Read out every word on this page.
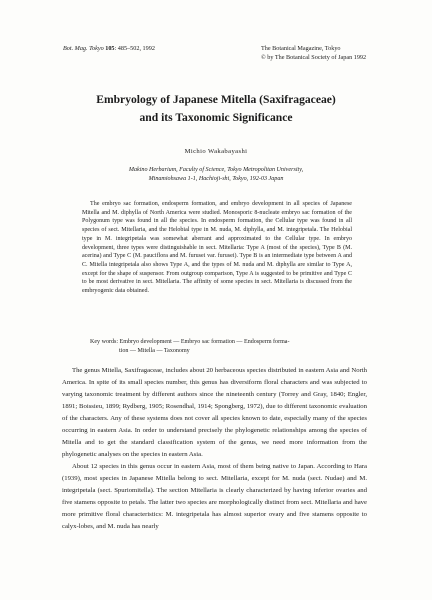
Bot. Mag. Tokyo 105: 485–502, 1992	The Botanical Magazine, Tokyo
© by The Botanical Society of Japan 1992
Embryology of Japanese Mitella (Saxifragaceae)
and its Taxonomic Significance
Michio Wakabayashi
Makino Herbarium, Faculty of Science, Tokyo Metropolitan University,
Minamiohsawa 1-1, Hachioji-shi, Tokyo, 192-03 Japan

The embryo sac formation, endosperm formation, and embryo development in all species of Japanese Mitella and M. diphylla of North America were studied. Monosporic 8-nucleate embryo sac formation of the Polygonum type was found in all the species. In endosperm formation, the Cellular type was found in all species of sect. Mitellaria, and the Helobial type in M. nuda, M. diphylla, and M. integripetala. The Helobial type in M. integripetala was somewhat aberrant and approximated to the Cellular type. In embryo development, three types were distinguishable in sect. Mitellaria: Type A (most of the species), Type B (M. acerina) and Type C (M. pauciflora and M. furusei var. furusei). Type B is an intermediate type between A and C. Mitella integripetala also shows Type A, and the types of M. nuda and M. diphylla are similar to Type A, except for the shape of suspensor. From outgroup comparison, Type A is suggested to be primitive and Type C to be most derivative in sect. Mitellaria. The affinity of some species in sect. Mitellaria is discussed from the embryogenic data obtained.

Key words: Embryo development — Embryo sac formation — Endosperm forma-
tion — Mitella — Taxonomy

The genus Mitella, Saxifragaceae, includes about 20 herbaceous species distributed in eastern Asia and North America. In spite of its small species number, this genus has diversiform floral characters and was subjected to varying taxonomic treatment by different authors since the nineteenth century (Torrey and Gray, 1840; Engler, 1891; Boissieu, 1899; Rydberg, 1905; Rosendhal, 1914; Spongberg, 1972), due to different taxonomic evaluation of the characters. Any of these systems does not cover all species known to date, especially many of the species occurring in eastern Asia. In order to understand precisely the phylogenetic relationships among the species of Mitella and to get the standard classification system of the genus, we need more information from the phylogenetic analyses on the species in eastern Asia.

About 12 species in this genus occur in eastern Asia, most of them being native to Japan. According to Hara (1939), most species in Japanese Mitella belong to sect. Mitellaria, except for M. nuda (sect. Nudae) and M. integripetala (sect. Spuriomitella). The section Mitellaria is clearly characterized by having inferior ovaries and five stamens opposite to petals. The latter two species are morphologically distinct from sect. Mitellaria and have more primitive floral characteristics: M. integripetala has almost superior ovary and five stamens opposite to calyx-lobes, and M. nuda has nearly
